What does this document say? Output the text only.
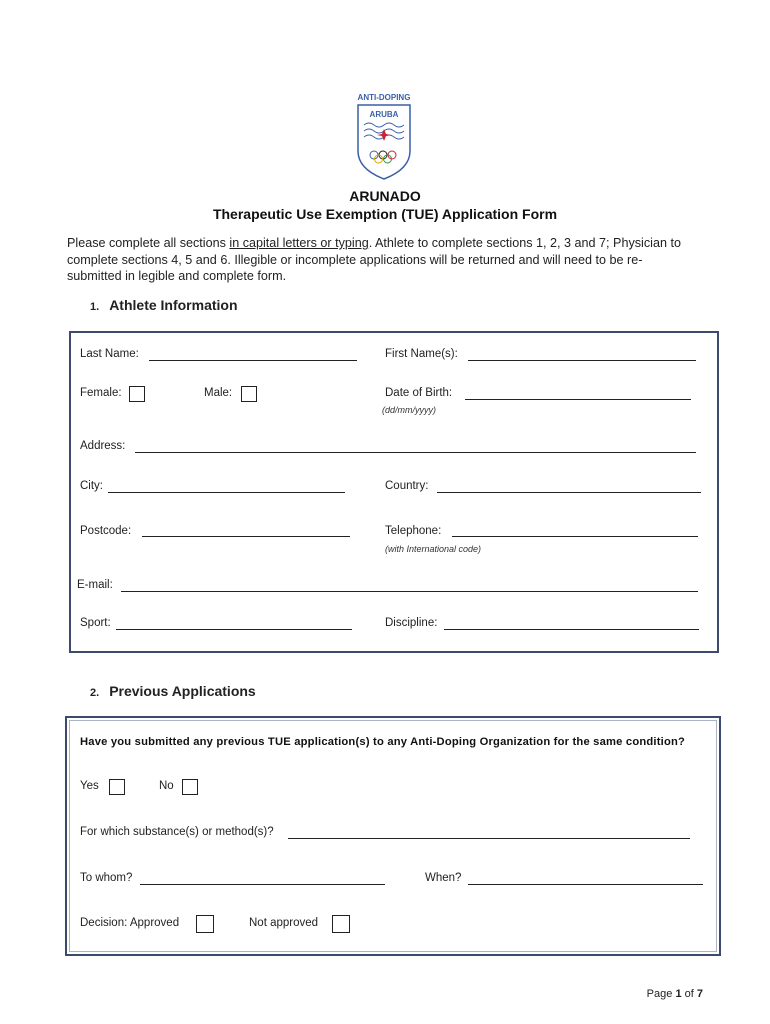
ANTI-DOPING
ARUBA
ARUNADO
Therapeutic Use Exemption (TUE) Application Form
Please complete all sections in capital letters or typing. Athlete to complete sections 1, 2, 3 and 7; Physician to complete sections 4, 5 and 6. Illegible or incomplete applications will be returned and will need to be re-submitted in legible and complete form.
1. Athlete Information
Last Name:	First Name(s):
Female:	Male:	Date of Birth:
(dd/mm/yyyy)
Address:
City:	Country:
Postcode:	Telephone:
(with International code)
E-mail:
Sport:	Discipline:
2. Previous Applications
Have you submitted any previous TUE application(s) to any Anti-Doping Organization for the same condition?
Yes	No
For which substance(s) or method(s)?
To whom?	When?
Decision: Approved	Not approved
Page 1 of 7
